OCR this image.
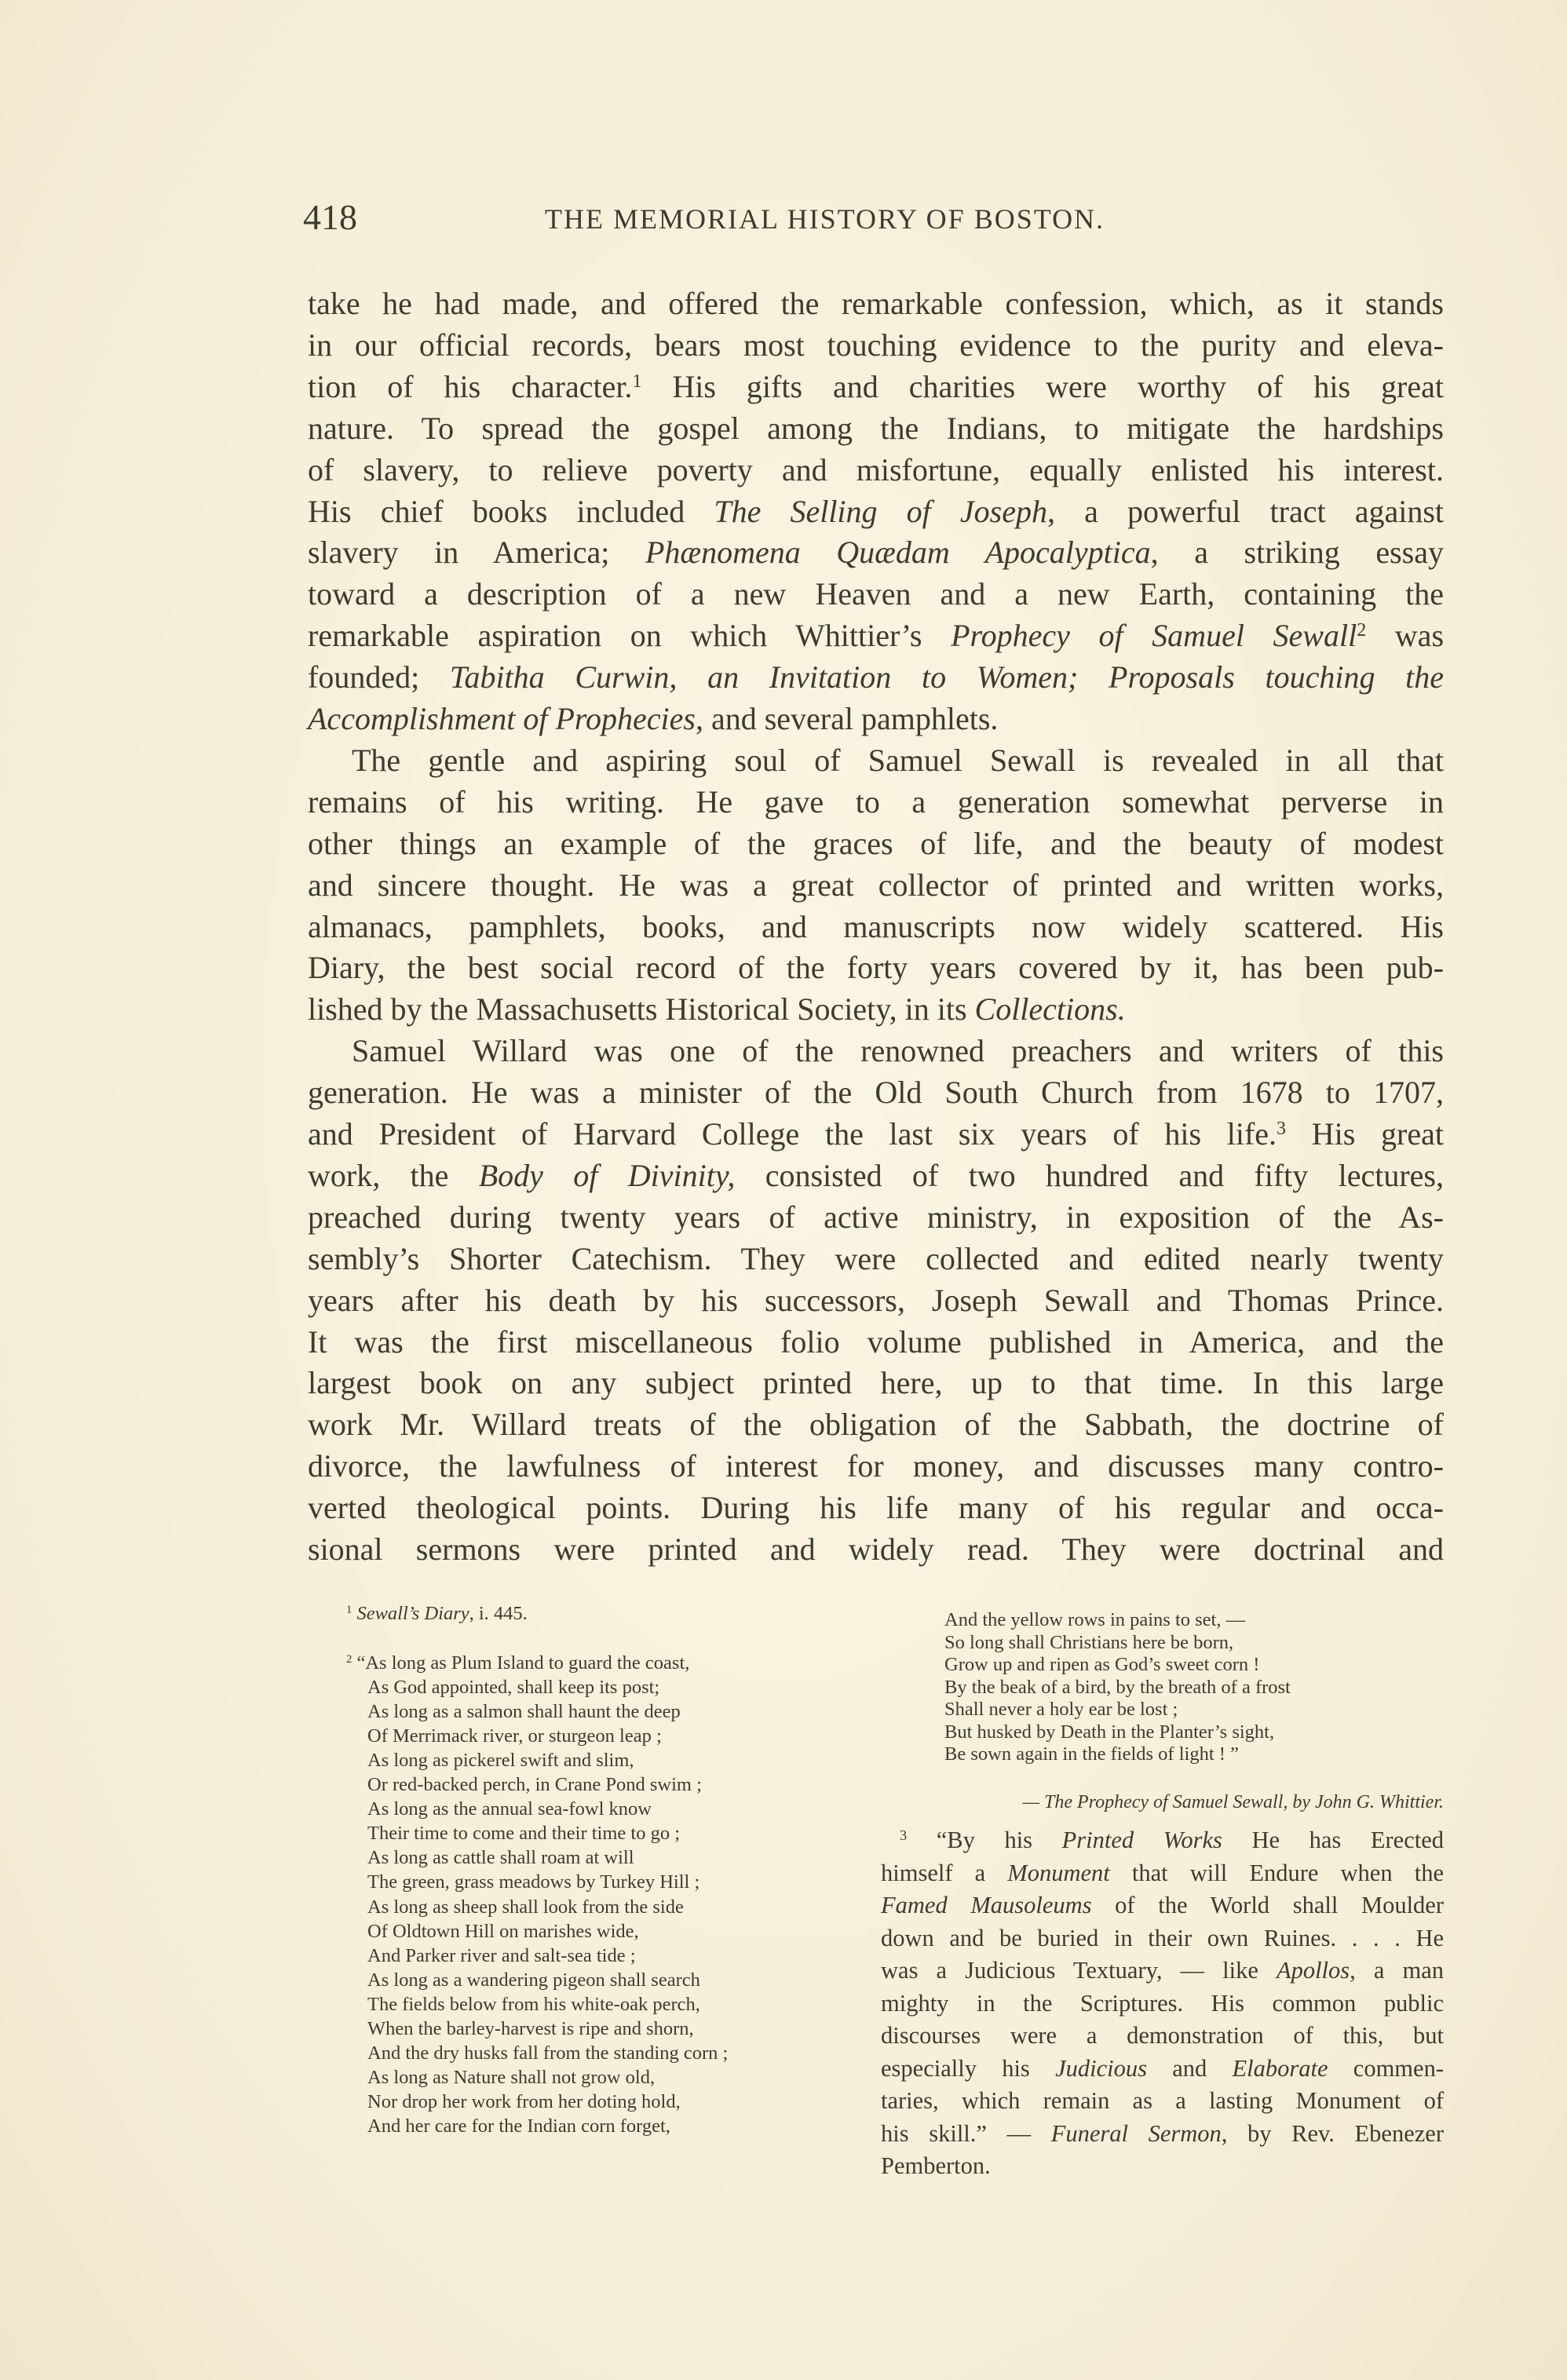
418	THE MEMORIAL HISTORY OF BOSTON.
take he had made, and offered the remarkable confession, which, as it stands
in our official records, bears most touching evidence to the purity and eleva-
tion of his character.$^1$ His gifts and charities were worthy of his great
nature. To spread the gospel among the Indians, to mitigate the hardships
of slavery, to relieve poverty and misfortune, equally enlisted his interest.
His chief books included The Selling of Joseph, a powerful tract against
slavery in America; Phænomena Quædam Apocalyptica, a striking essay
toward a description of a new Heaven and a new Earth, containing the
remarkable aspiration on which Whittier’s Prophecy of Samuel Sewall$^2$ was
founded; Tabitha Curwin, an Invitation to Women; Proposals touching the
Accomplishment of Prophecies, and several pamphlets.
The gentle and aspiring soul of Samuel Sewall is revealed in all that
remains of his writing. He gave to a generation somewhat perverse in
other things an example of the graces of life, and the beauty of modest
and sincere thought. He was a great collector of printed and written works,
almanacs, pamphlets, books, and manuscripts now widely scattered. His
Diary, the best social record of the forty years covered by it, has been pub-
lished by the Massachusetts Historical Society, in its Collections.
Samuel Willard was one of the renowned preachers and writers of this
generation. He was a minister of the Old South Church from 1678 to 1707,
and President of Harvard College the last six years of his life.$^3$ His great
work, the Body of Divinity, consisted of two hundred and fifty lectures,
preached during twenty years of active ministry, in exposition of the As-
sembly’s Shorter Catechism. They were collected and edited nearly twenty
years after his death by his successors, Joseph Sewall and Thomas Prince.
It was the first miscellaneous folio volume published in America, and the
largest book on any subject printed here, up to that time. In this large
work Mr. Willard treats of the obligation of the Sabbath, the doctrine of
divorce, the lawfulness of interest for money, and discusses many contro-
verted theological points. During his life many of his regular and occa-
sional sermons were printed and widely read. They were doctrinal and
$^1$ Sewall’s Diary, i. 445.
$^2$ “As long as Plum Island to guard the coast,
As God appointed, shall keep its post;
As long as a salmon shall haunt the deep
Of Merrimack river, or sturgeon leap ;
As long as pickerel swift and slim,
Or red-backed perch, in Crane Pond swim ;
As long as the annual sea-fowl know
Their time to come and their time to go ;
As long as cattle shall roam at will
The green, grass meadows by Turkey Hill ;
As long as sheep shall look from the side
Of Oldtown Hill on marishes wide,
And Parker river and salt-sea tide ;
As long as a wandering pigeon shall search
The fields below from his white-oak perch,
When the barley-harvest is ripe and shorn,
And the dry husks fall from the standing corn ;
As long as Nature shall not grow old,
Nor drop her work from her doting hold,
And her care for the Indian corn forget,
And the yellow rows in pains to set, —
So long shall Christians here be born,
Grow up and ripen as God’s sweet corn !
By the beak of a bird, by the breath of a frost
Shall never a holy ear be lost ;
But husked by Death in the Planter’s sight,
Be sown again in the fields of light ! ”
— The Prophecy of Samuel Sewall, by John G. Whittier.
$^3$ “By his Printed Works He has Erected
himself a Monument that will Endure when the
Famed Mausoleums of the World shall Moulder
down and be buried in their own Ruines. . . . He
was a Judicious Textuary, — like Apollos, a man
mighty in the Scriptures. His common public
discourses were a demonstration of this, but
especially his Judicious and Elaborate commen-
taries, which remain as a lasting Monument of
his skill.” — Funeral Sermon, by Rev. Ebenezer
Pemberton.
